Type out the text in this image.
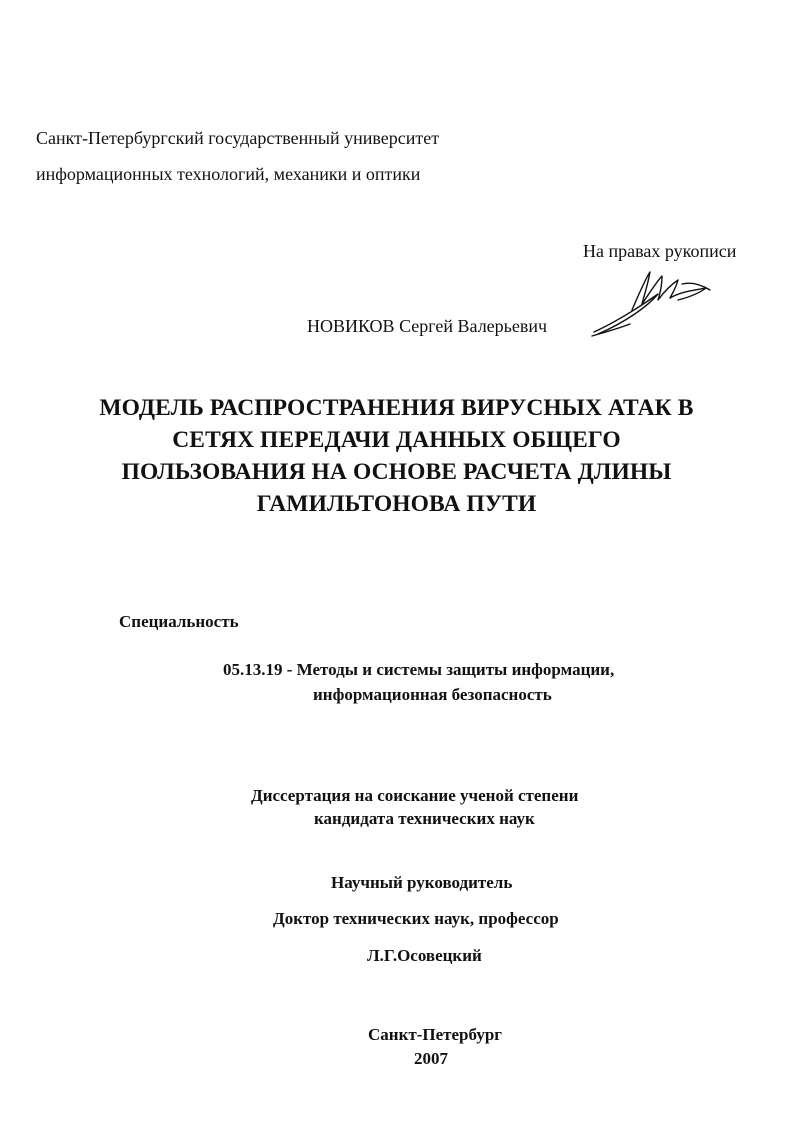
Санкт-Петербургский государственный университет

информационных технологий, механики и оптики

На правах рукописи

НОВИКОВ Сергей Валерьевич

МОДЕЛЬ РАСПРОСТРАНЕНИЯ ВИРУСНЫХ АТАК В
СЕТЯХ ПЕРЕДАЧИ ДАННЫХ ОБЩЕГО
ПОЛЬЗОВАНИЯ НА ОСНОВЕ РАСЧЕТА ДЛИНЫ
ГАМИЛЬТОНОВА ПУТИ

Специальность

05.13.19 - Методы и системы защиты информации,

информационная безопасность

Диссертация на соискание ученой степени

кандидата технических наук

Научный руководитель

Доктор технических наук, профессор

Л.Г.Осовецкий

Санкт-Петербург

2007
